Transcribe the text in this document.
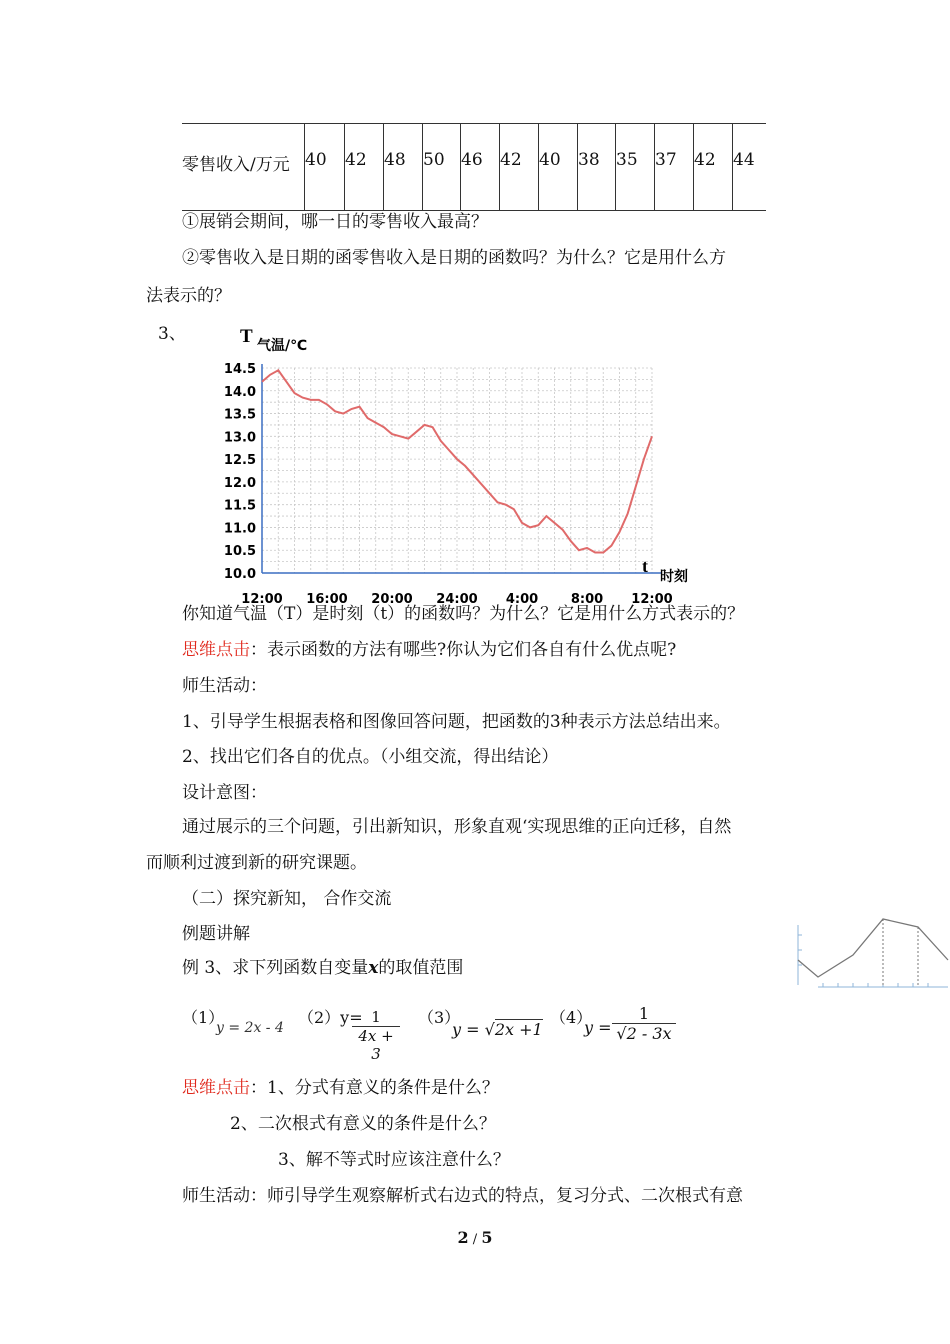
零售收入/万元 40 42 48 50 46 42 40 38 35 37 42 44
①展销会期间，哪一日的零售收入最高？
②零售收入是日期的函零售收入是日期的函数吗？为什么？它是用什么方
法表示的？
3、
14.5
14.0
13.5
13.0
12.5
12.0
11.5
11.0
10.5
10.0
12:00 16:00 20:00 24:00 4:00	8:00 12:00
T 气温/℃
t
时刻
你知道气温（T）是时刻（t）的函数吗？为什么？它是用什么方式表示的？
思维点击：表示函数的方法有哪些?你认为它们各自有什么优点呢?
师生活动：
1、引导学生根据表格和图像回答问题，把函数的3种表示方法总结出来。
2、找出它们各自的优点。（小组交流，得出结论）
设计意图：
通过展示的三个问题，引出新知识，形象直观‘实现思维的正向迁移，自然
而顺利过渡到新的研究课题。
（二）探究新知， 合作交流
例题讲解
例 3、求下列函数自变量x的取值范围
（1）
y = 2x - 4
（2）y= 1
4x + 3
（3）
y = √2x +1
（4）
y =
1
√2 - 3x
思维点击：1、分式有意义的条件是什么？
2、二次根式有意义的条件是什么？
3、解不等式时应该注意什么？
师生活动：师引导学生观察解析式右边式的特点，复习分式、二次根式有意
2 / 5
